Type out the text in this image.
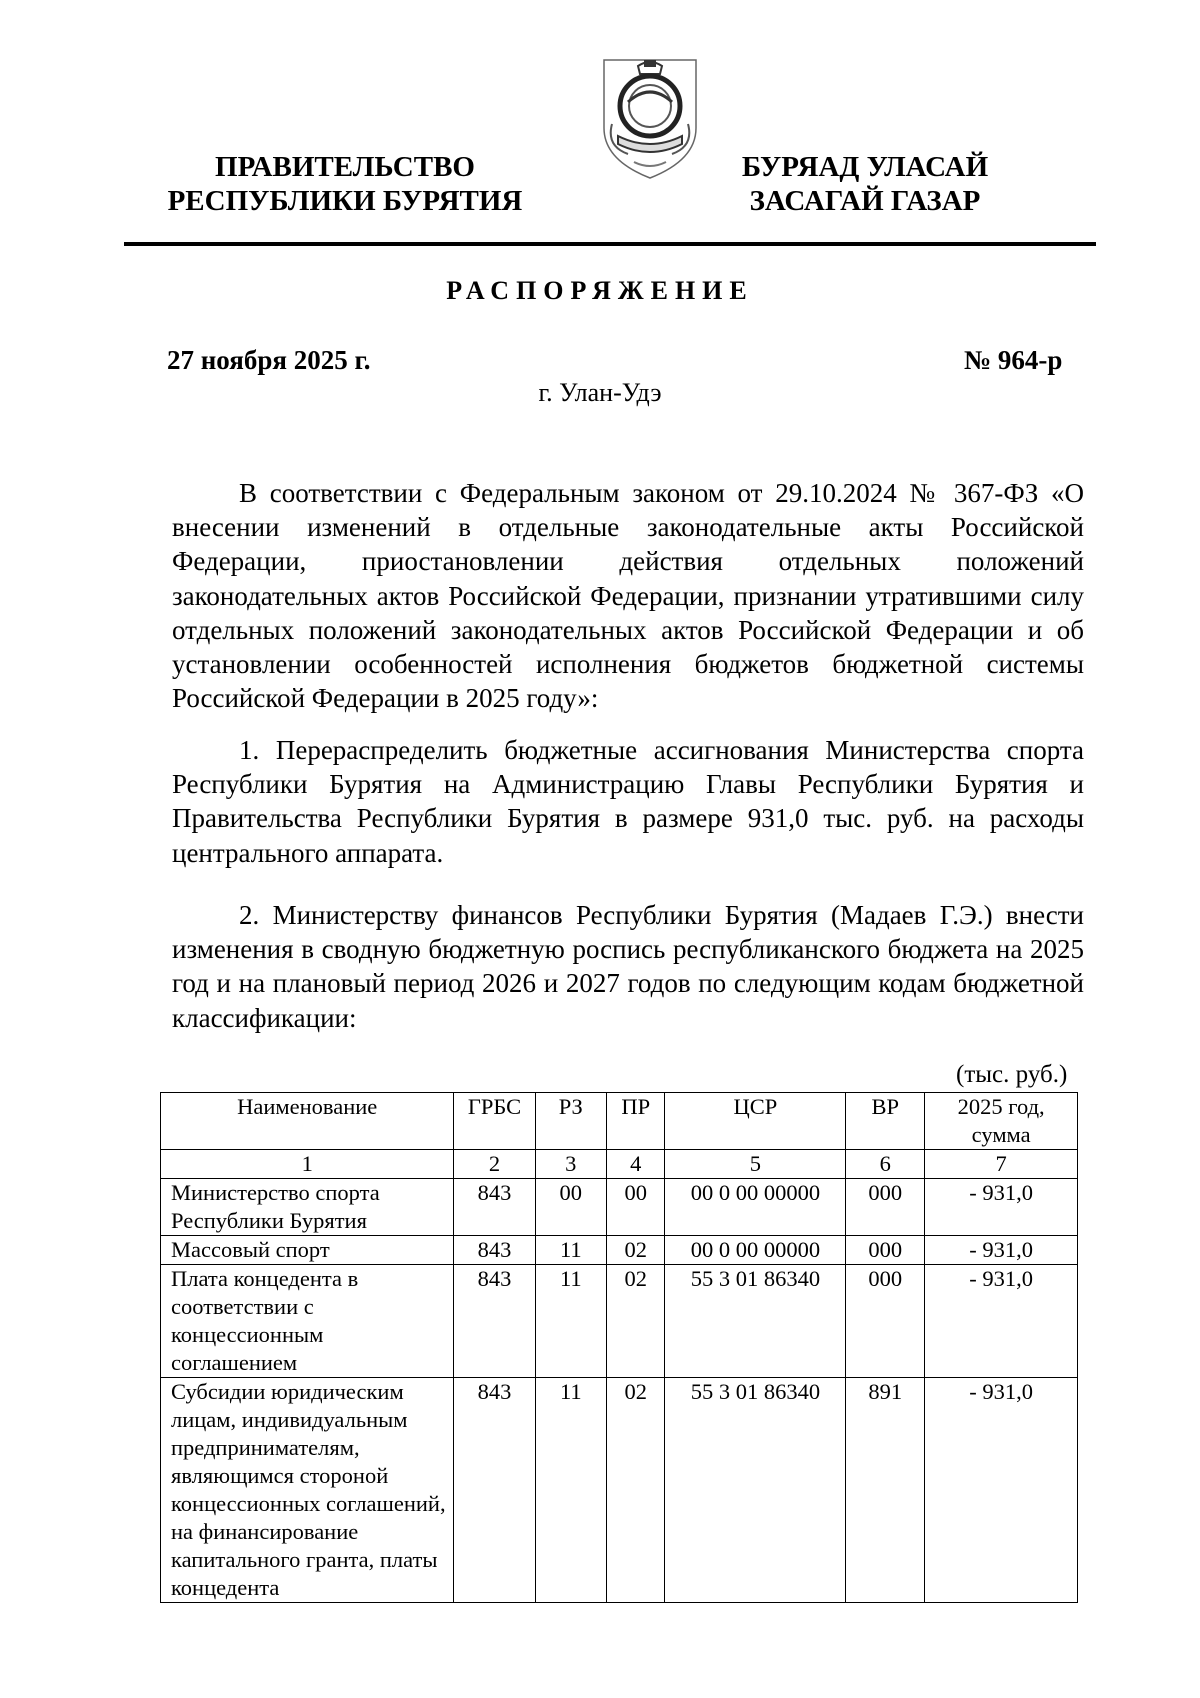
ПРАВИТЕЛЬСТВО
РЕСПУБЛИКИ БУРЯТИЯ
БУРЯАД УЛАСАЙ
ЗАСАГАЙ ГАЗАР
РАСПОРЯЖЕНИЕ
27 ноября 2025 г.	№ 964-р
г. Улан-Удэ

В соответствии с Федеральным законом от 29.10.2024 № 367-ФЗ «О внесении изменений в отдельные законодательные акты Российской Федерации, приостановлении действия отдельных положений законодательных актов Российской Федерации, признании утратившими силу отдельных положений законодательных актов Российской Федерации и об установлении особенностей исполнения бюджетов бюджетной системы Российской Федерации в 2025 году»:

1. Перераспределить бюджетные ассигнования Министерства спорта Республики Бурятия на Администрацию Главы Республики Бурятия и Правительства Республики Бурятия в размере 931,0 тыс. руб. на расходы центрального аппарата.

2. Министерству финансов Республики Бурятия (Мадаев Г.Э.) внести изменения в сводную бюджетную роспись республиканского бюджета на 2025 год и на плановый период 2026 и 2027 годов по следующим кодам бюджетной классификации:

(тыс. руб.)
Наименование	ГРБС	РЗ	ПР	ЦСР	ВР	2025 год, сумма
1	2	3	4	5	6	7
Министерство спорта Республики Бурятия	843	00	00	00 0 00 00000	000	- 931,0
Массовый спорт	843	11	02	00 0 00 00000	000	- 931,0
Плата концедента в соответствии с концессионным соглашением	843	11	02	55 3 01 86340	000	- 931,0
Субсидии юридическим лицам, индивидуальным предпринимателям, являющимся стороной концессионных соглашений, на финансирование капитального гранта, платы концедента	843	11	02	55 3 01 86340	891	- 931,0
